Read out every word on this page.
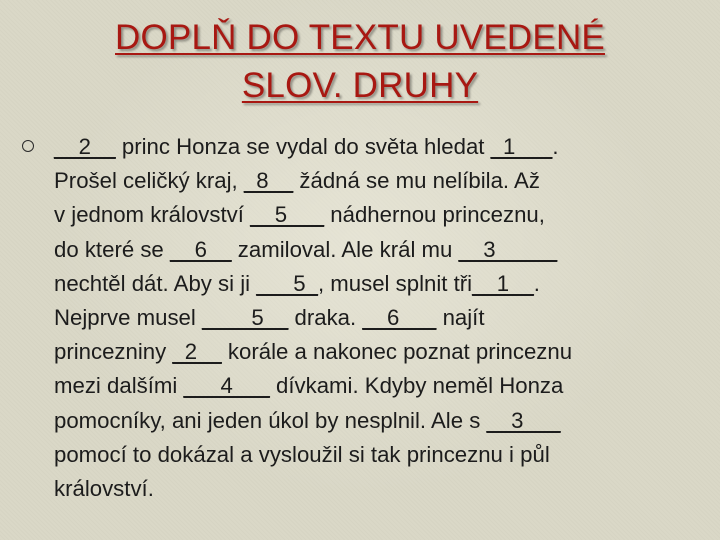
DOPLŇ DO TEXTU UVEDENÉ
SLOV. DRUHY
__2__ princ Honza se vydal do světa hledat _1___.
Prošel celičký kraj, _8__ žádná se mu nelíbila. Až
v jednom království __5___ nádhernou princeznu,
do které se __6__ zamiloval. Ale král mu __3_____
nechtěl dát. Aby si ji ___5_, musel splnit tři__1__.
Nejprve musel ____5__ draka. __6___ najít
princezniny _2__ korále a nakonec poznat princeznu
mezi dalšími ___4___ dívkami. Kdyby neměl Honza
pomocníky, ani jeden úkol by nesplnil. Ale s __3___
pomocí to dokázal a vysloužil si tak princeznu i půl
království.
